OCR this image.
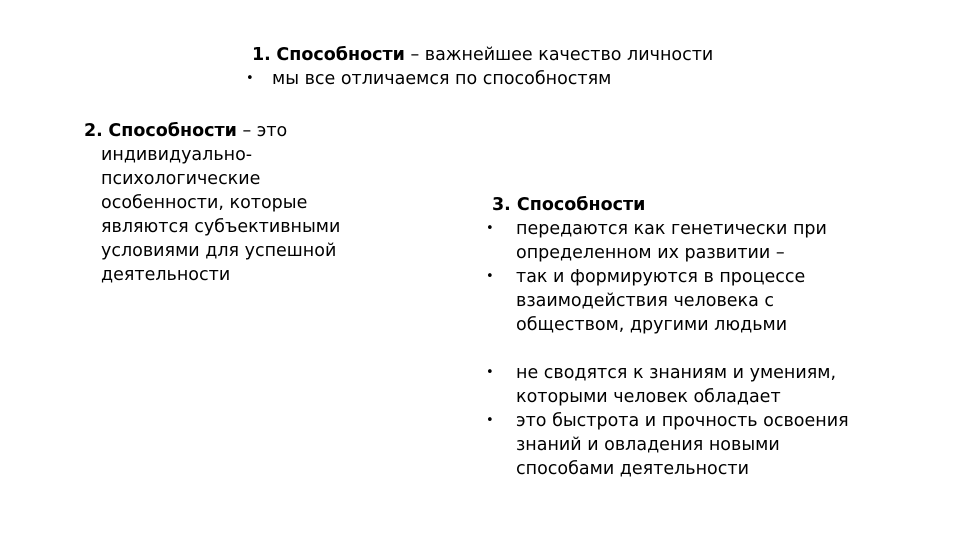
1. Способности – важнейшее качество личности
•	мы все отличаемся по способностям
2. Способности – это
индивидуально-
психологические
особенности, которые
являются субъективными
условиями для успешной
деятельности
3. Способности
•	передаются как генетически при
определенном их развитии –
•	так и формируются в процессе
взаимодействия человека с
обществом, другими людьми
•	не сводятся к знаниям и умениям,
которыми человек обладает
•	это быстрота и прочность освоения
знаний и овладения новыми
способами деятельности
